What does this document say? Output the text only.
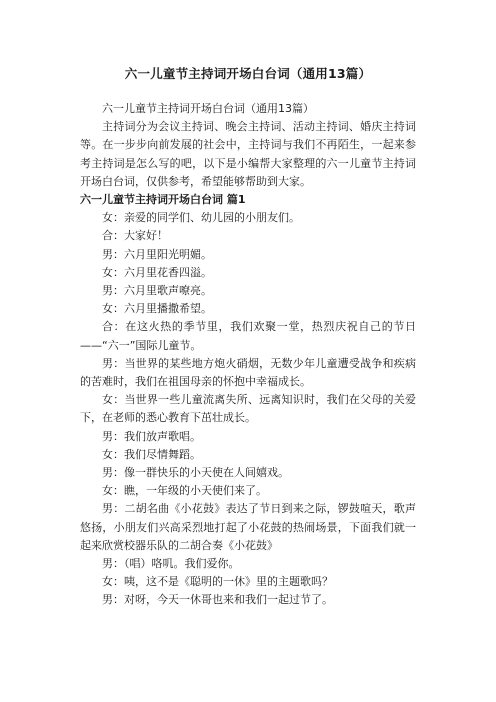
六一儿童节主持词开场白台词（通用13篇）

六一儿童节主持词开场白台词（通用13篇）

主持词分为会议主持词、晚会主持词、活动主持词、婚庆主持词等。在一步步向前发展的社会中，主持词与我们不再陌生，一起来参考主持词是怎么写的吧，以下是小编帮大家整理的六一儿童节主持词开场白台词，仅供参考，希望能够帮助到大家。

六一儿童节主持词开场白台词 篇1

女：亲爱的同学们、幼儿园的小朋友们。

合：大家好！

男：六月里阳光明媚。

女：六月里花香四溢。

男：六月里歌声嘹亮。

女：六月里播撒希望。

合：在这火热的季节里，我们欢聚一堂，热烈庆祝自己的节日——“六一”国际儿童节。

男：当世界的某些地方炮火硝烟，无数少年儿童遭受战争和疾病的苦难时，我们在祖国母亲的怀抱中幸福成长。

女：当世界一些儿童流离失所、远离知识时，我们在父母的关爱下，在老师的悉心教育下茁壮成长。

男：我们放声歌唱。

女：我们尽情舞蹈。

男：像一群快乐的小天使在人间嬉戏。

女：瞧，一年级的小天使们来了。

男：二胡名曲《小花鼓》表达了节日到来之际，锣鼓喧天，歌声悠扬，小朋友们兴高采烈地打起了小花鼓的热闹场景，下面我们就一起来欣赏校器乐队的二胡合奏《小花鼓》

男：（唱）咯叽。我们爱你。

女：咦，这不是《聪明的一休》里的主题歌吗？

男：对呀，今天一休哥也来和我们一起过节了。
